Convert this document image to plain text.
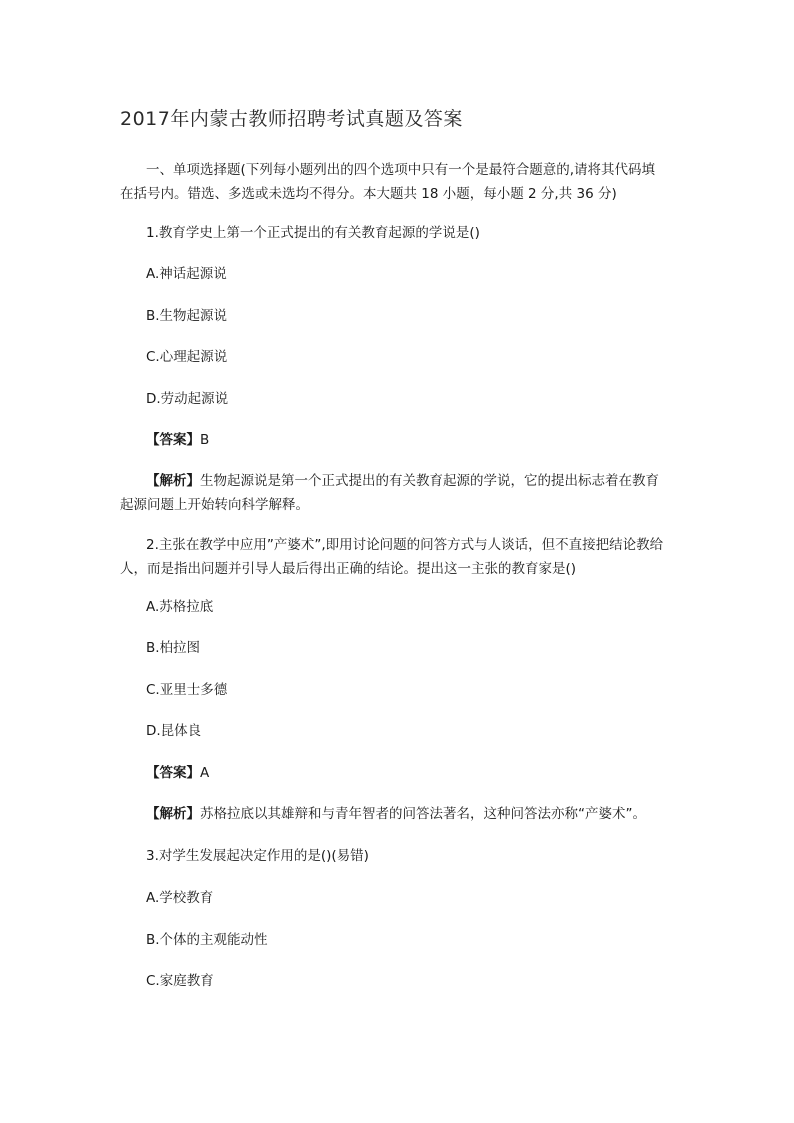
2017年内蒙古教师招聘考试真题及答案
一、单项选择题(下列每小题列出的四个选项中只有一个是最符合题意的,请将其代码填在括号内。错选、多选或未选均不得分。本大题共 18 小题，每小题 2 分,共 36 分)
1.教育学史上第一个正式提出的有关教育起源的学说是()
A.神话起源说
B.生物起源说
C.心理起源说
D.劳动起源说
【答案】B
【解析】生物起源说是第一个正式提出的有关教育起源的学说，它的提出标志着在教育起源问题上开始转向科学解释。
2.主张在教学中应用”产婆术”,即用讨论问题的问答方式与人谈话，但不直接把结论教给人，而是指出问题并引导人最后得出正确的结论。提出这一主张的教育家是()
A.苏格拉底
B.柏拉图
C.亚里士多德
D.昆体良
【答案】A
【解析】苏格拉底以其雄辩和与青年智者的问答法著名，这种问答法亦称“产婆术”。
3.对学生发展起决定作用的是()(易错)
A.学校教育
B.个体的主观能动性
C.家庭教育
